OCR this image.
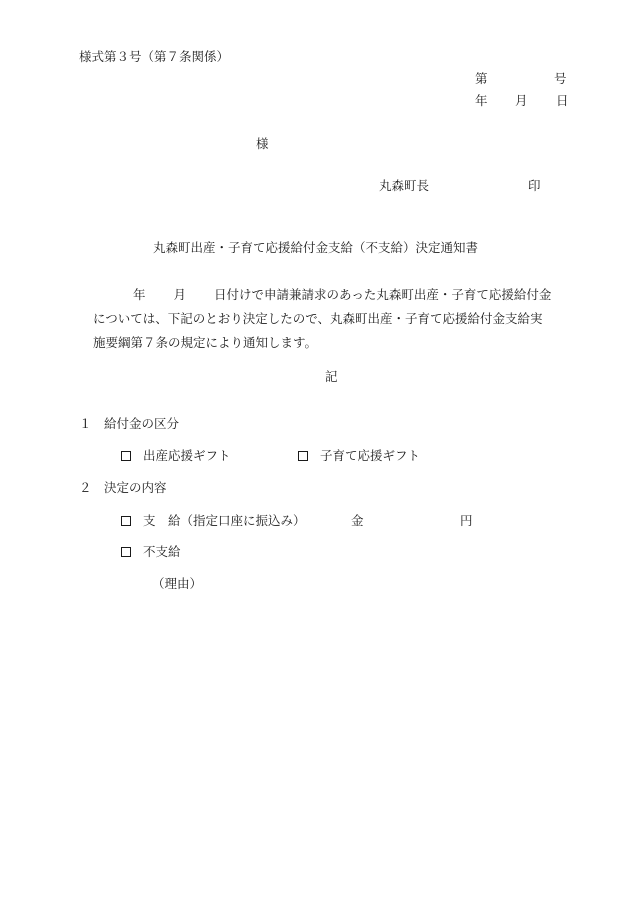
様式第３号（第７条関係）
第	号
年 月 日
様
丸森町長	印
丸森町出産・子育て応援給付金支給（不支給）決定通知書
年 月 日付けで申請兼請求のあった丸森町出産・子育て応援給付金
については、下記のとおり決定したので、丸森町出産・子育て応援給付金支給実
施要綱第７条の規定により通知します。
記
１　給付金の区分
出産応援ギフト	子育て応援ギフト
２　決定の内容
支　給（指定口座に振込み）	金	円
不支給
（理由）
